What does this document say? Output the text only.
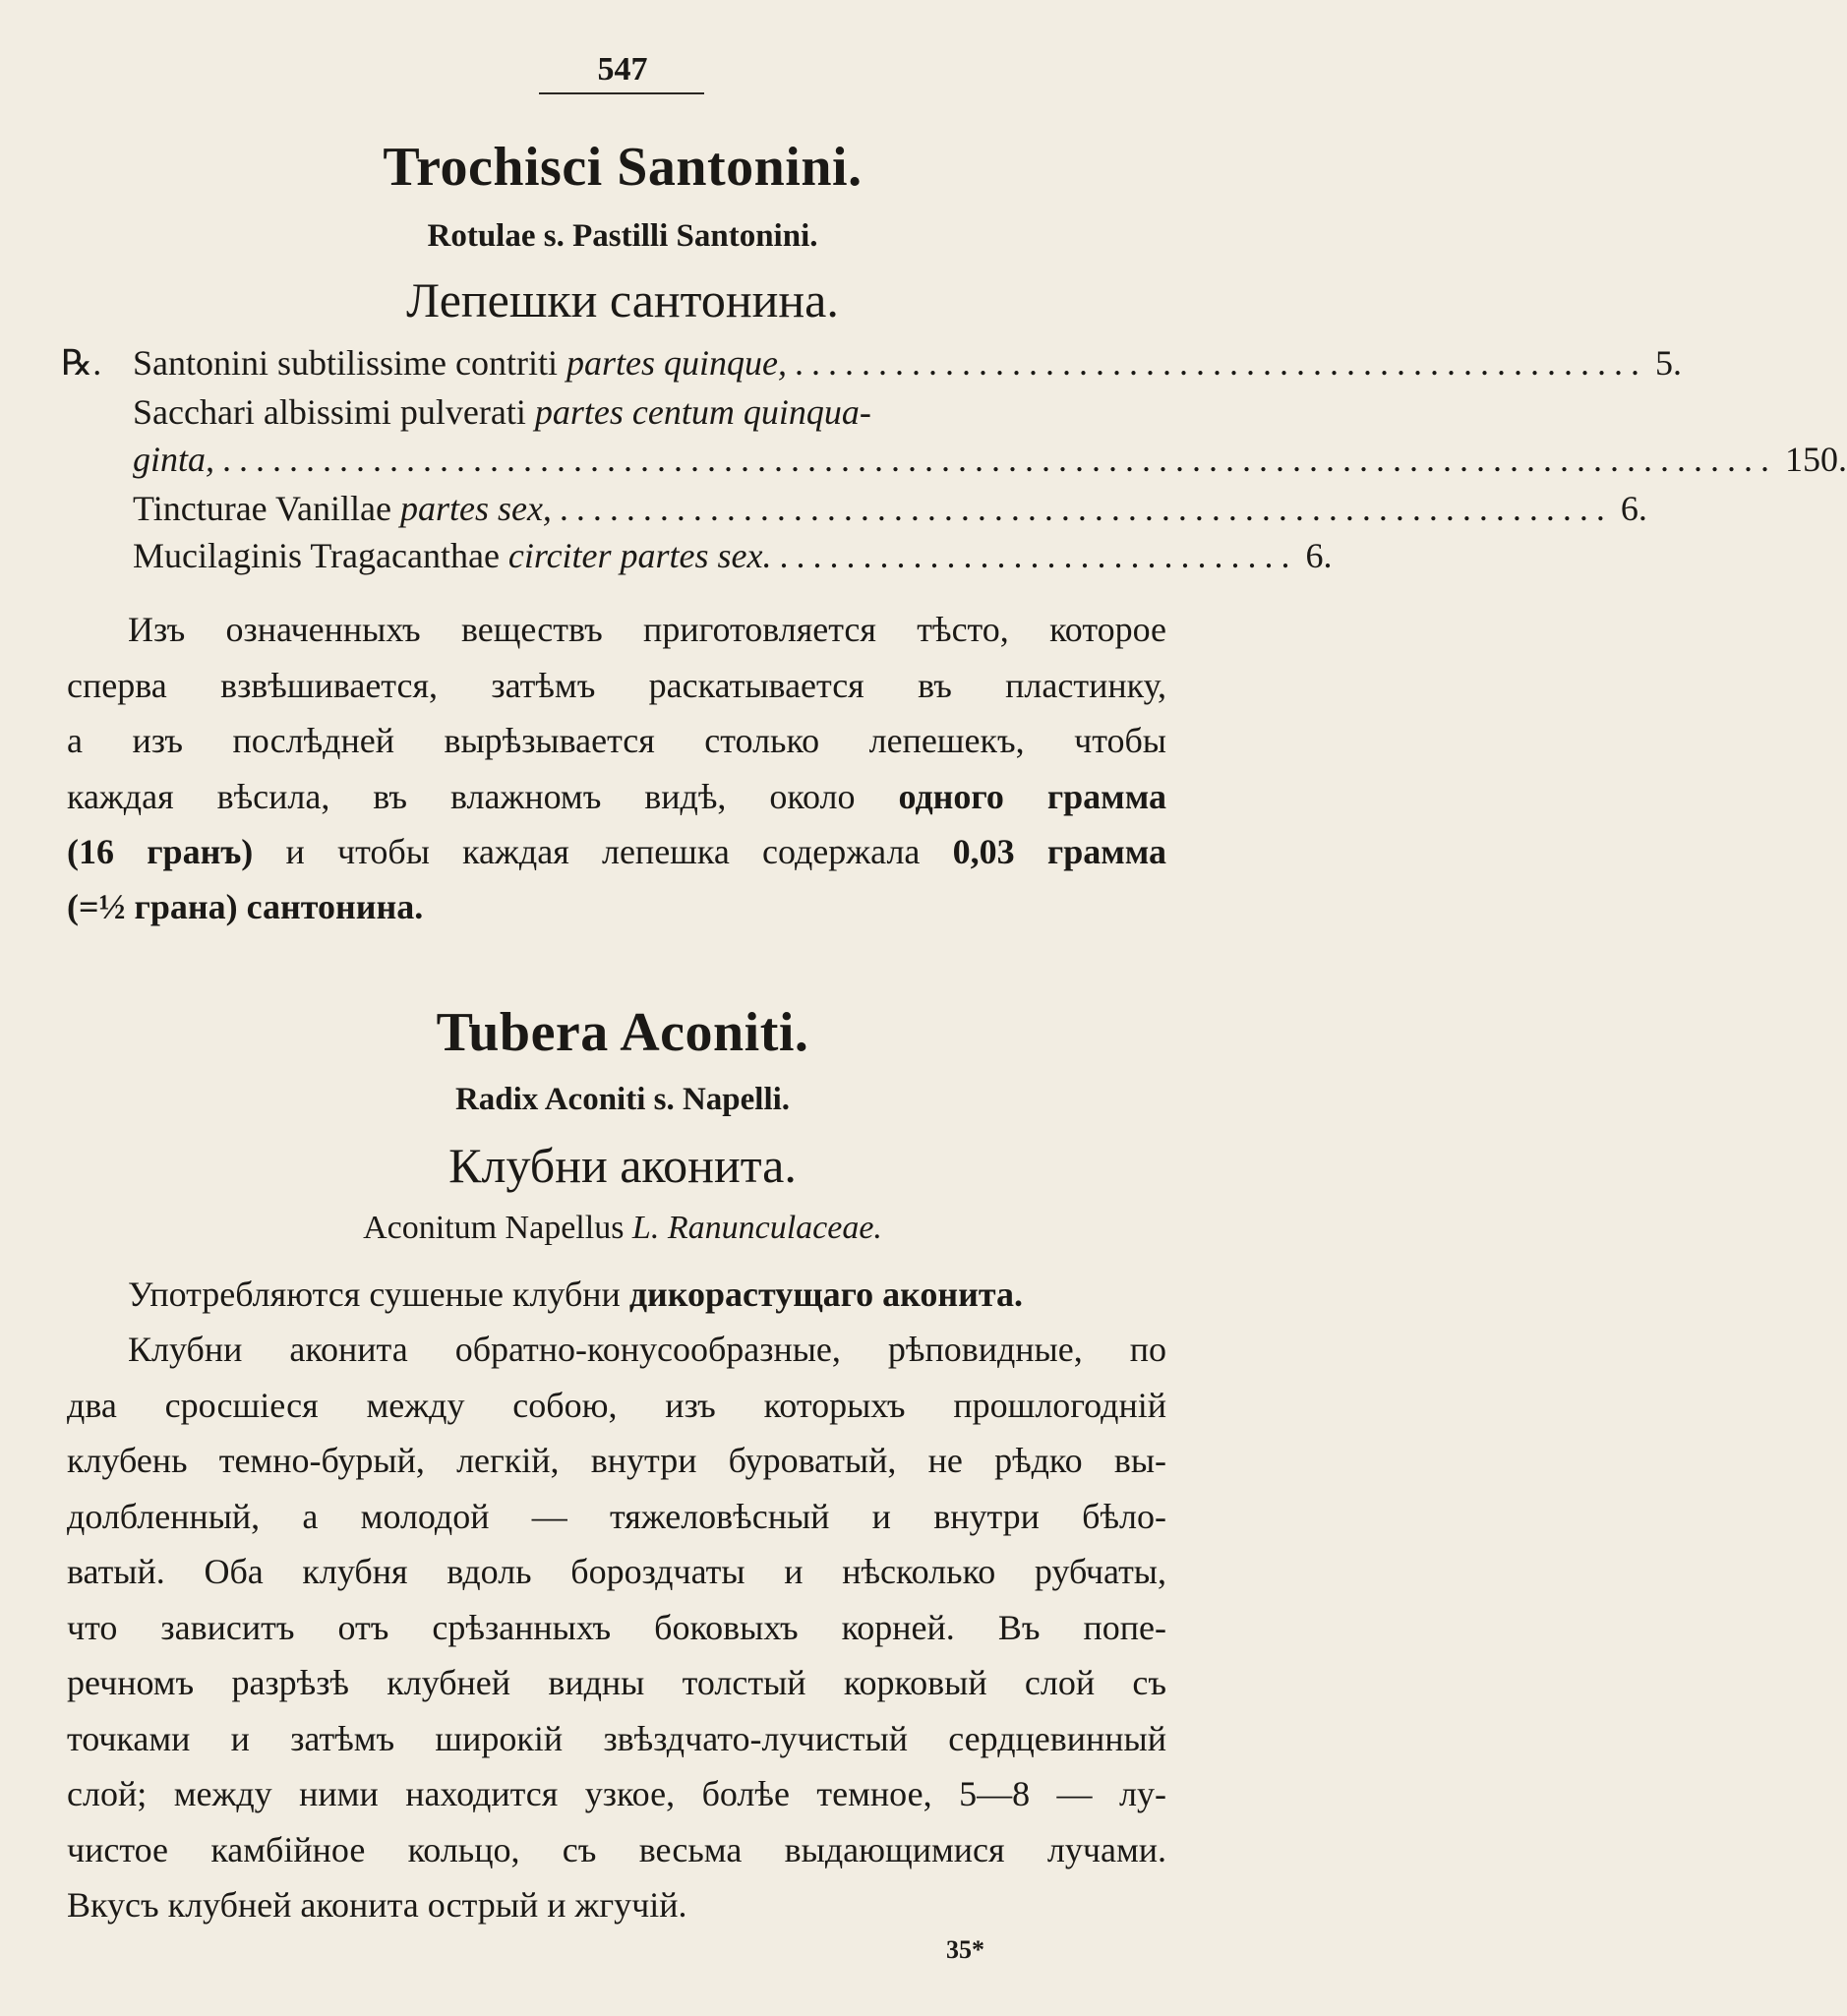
547
Trochisci Santonini.
Rotulae s. Pastilli Santonini.
Лепешки сантонина.
℞. Santonini subtilissime contriti partes quinque, ................................................... 5.
Sacchari albissimi pulverati partes centum quinqua-
ginta, ............................................................................................. 150.
Tincturae Vanillae partes sex, ............................................................... 6.
Mucilaginis Tragacanthae circiter partes sex. ............................... 6.
Изъ означенныхъ веществъ приготовляется тѣсто, которое
сперва взвѣшивается, затѣмъ раскатывается въ пластинку,
а изъ послѣдней вырѣзывается столько лепешекъ, чтобы
каждая вѣсила, въ влажномъ видѣ, около одного грамма
(16 гранъ) и чтобы каждая лепешка содержала 0,03 грамма
(=½ грана) сантонина.
Tubera Aconiti.
Radix Aconiti s. Napelli.
Клубни аконита.
Aconitum Napellus L. Ranunculaceae.
Употребляются сушеные клубни дикорастущаго аконита.
Клубни аконита обратно-конусообразные, рѣповидные, по
два сросшіеся между собою, изъ которыхъ прошлогодній
клубень темно-бурый, легкій, внутри буроватый, не рѣдко вы-
долбленный, а молодой — тяжеловѣсный и внутри бѣло-
ватый. Оба клубня вдоль бороздчаты и нѣсколько рубчаты,
что зависитъ отъ срѣзанныхъ боковыхъ корней. Въ попе-
речномъ разрѣзѣ клубней видны толстый корковый слой съ
точками и затѣмъ широкій звѣздчато-лучистый сердцевинный
слой; между ними находится узкое, болѣе темное, 5—8 — лу-
чистое камбійное кольцо, съ весьма выдающимися лучами.
Вкусъ клубней аконита острый и жгучій.
35*
